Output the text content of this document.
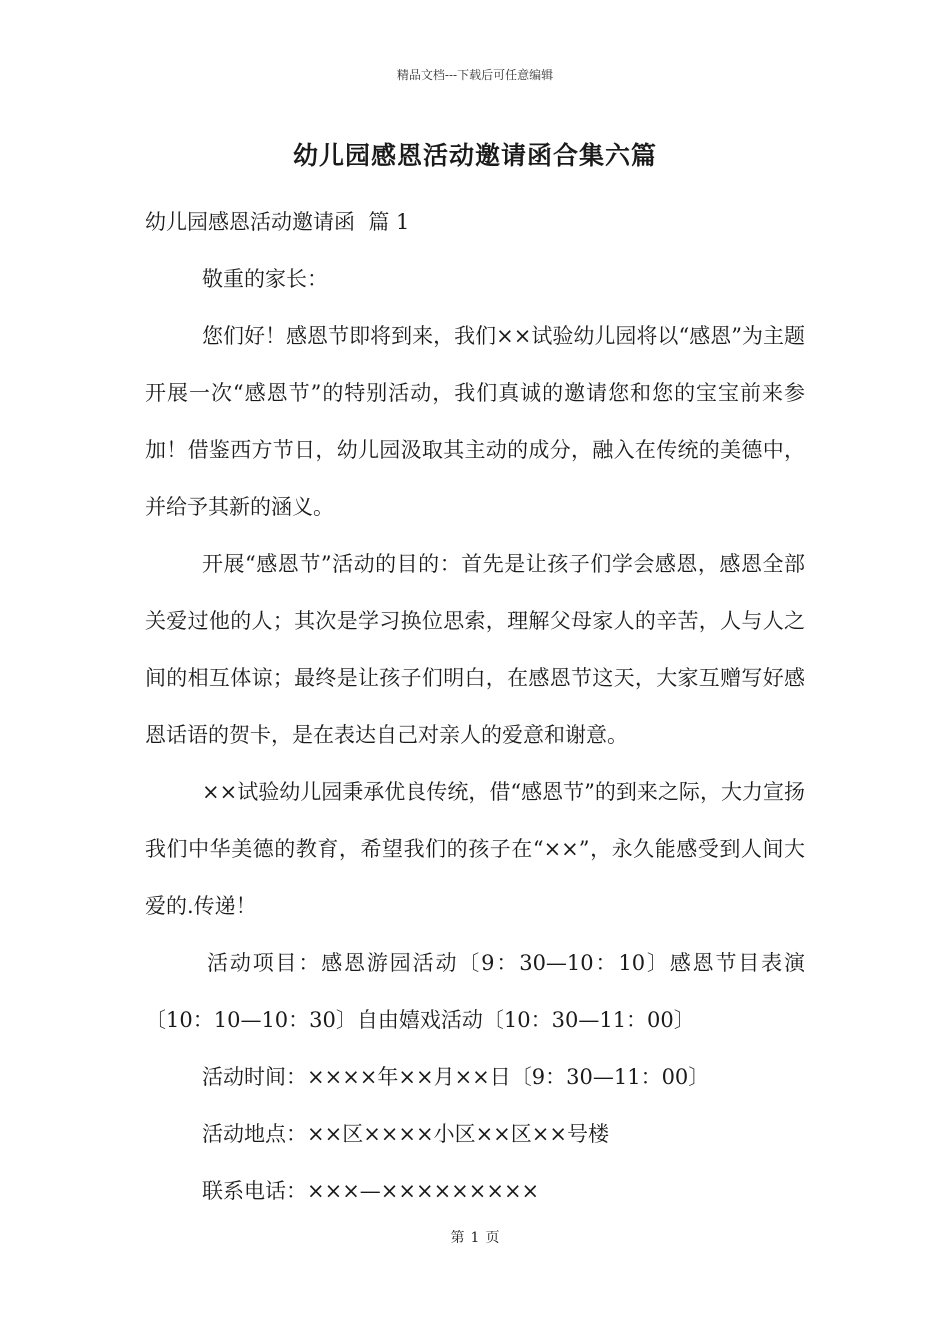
精品文档---下载后可任意编辑
幼儿园感恩活动邀请函合集六篇

幼儿园感恩活动邀请函  篇 1

敬重的家长：

您们好！感恩节即将到来，我们××试验幼儿园将以“感恩”为主题开展一次“感恩节”的特别活动，我们真诚的邀请您和您的宝宝前来参加！借鉴西方节日，幼儿园汲取其主动的成分，融入在传统的美德中，并给予其新的涵义。

开展“感恩节”活动的目的：首先是让孩子们学会感恩，感恩全部关爱过他的人；其次是学习换位思索，理解父母家人的辛苦，人与人之间的相互体谅；最终是让孩子们明白，在感恩节这天，大家互赠写好感恩话语的贺卡，是在表达自己对亲人的爱意和谢意。

××试验幼儿园秉承优良传统，借“感恩节”的到来之际，大力宣扬我们中华美德的教育，希望我们的孩子在“××”，永久能感受到人间大爱的.传递！

活动项目：感恩游园活动〔9：30—10：10〕感恩节目表演〔10：10—10：30〕自由嬉戏活动〔10：30—11：00〕

活动时间：××××年××月××日〔9：30—11：00〕

活动地点：××区××××小区××区××号楼

联系电话：×××—×××××××××

第 1 页
